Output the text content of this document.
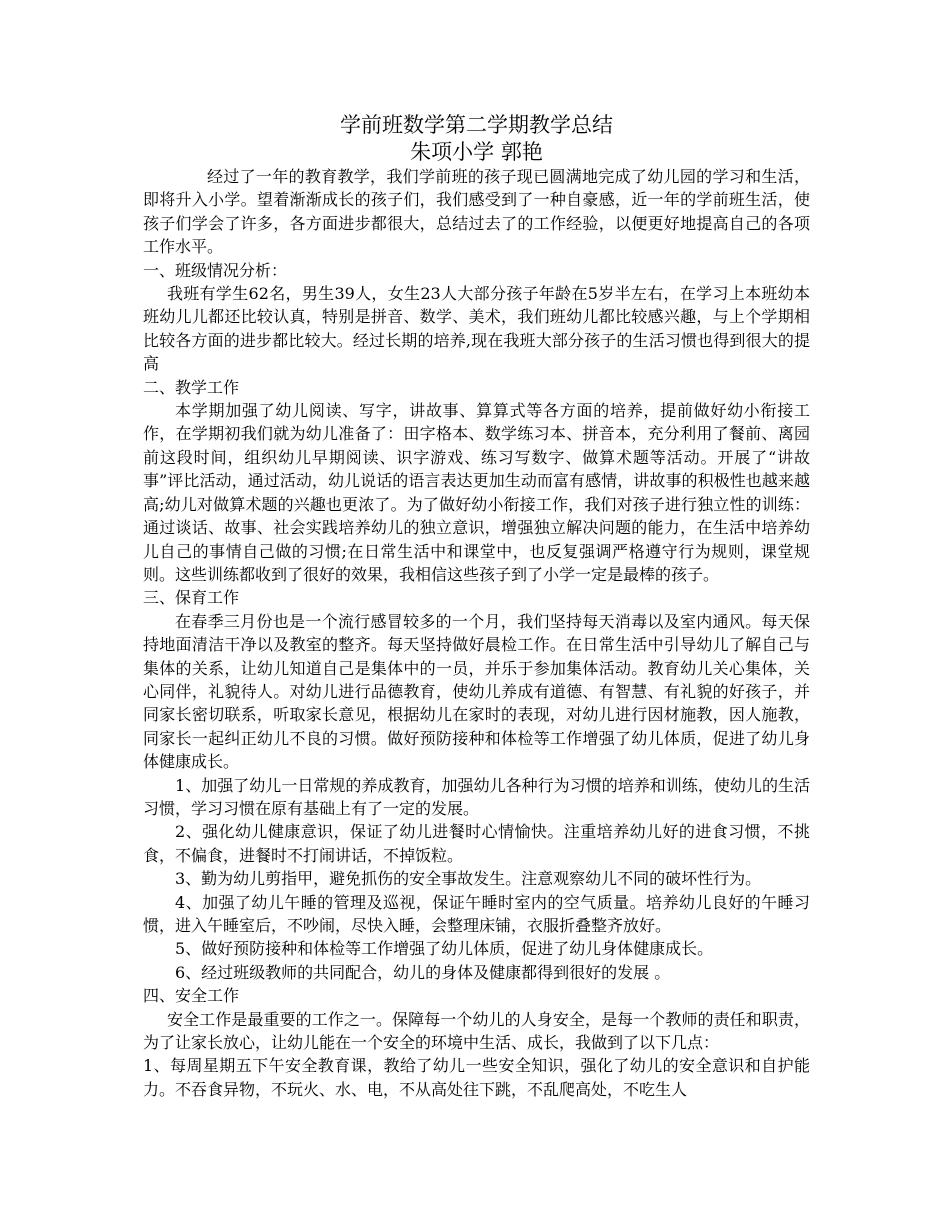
学前班数学第二学期教学总结
朱项小学 郭艳
经过了一年的教育教学，我们学前班的孩子现已圆满地完成了幼儿园的学习和生活，即将升入小学。望着渐渐成长的孩子们，我们感受到了一种自豪感，近一年的学前班生活，使孩子们学会了许多，各方面进步都很大，总结过去了的工作经验，以便更好地提高自己的各项工作水平。
一、班级情况分析：
我班有学生62名，男生39人，女生23人大部分孩子年龄在5岁半左右，在学习上本班幼本班幼儿儿都还比较认真，特别是拼音、数学、美术，我们班幼儿都比较感兴趣，与上个学期相比较各方面的进步都比较大。经过长期的培养,现在我班大部分孩子的生活习惯也得到很大的提高
二、教学工作
本学期加强了幼儿阅读、写字，讲故事、算算式等各方面的培养，提前做好幼小衔接工作，在学期初我们就为幼儿准备了：田字格本、数学练习本、拼音本，充分利用了餐前、离园前这段时间，组织幼儿早期阅读、识字游戏、练习写数字、做算术题等活动。开展了“讲故事”评比活动，通过活动，幼儿说话的语言表达更加生动而富有感情，讲故事的积极性也越来越高;幼儿对做算术题的兴趣也更浓了。为了做好幼小衔接工作，我们对孩子进行独立性的训练：通过谈话、故事、社会实践培养幼儿的独立意识，增强独立解决问题的能力，在生活中培养幼儿自己的事情自己做的习惯;在日常生活中和课堂中，也反复强调严格遵守行为规则，课堂规则。这些训练都收到了很好的效果，我相信这些孩子到了小学一定是最棒的孩子。
三、保育工作
在春季三月份也是一个流行感冒较多的一个月，我们坚持每天消毒以及室内通风。每天保持地面清洁干净以及教室的整齐。每天坚持做好晨检工作。在日常生活中引导幼儿了解自己与集体的关系，让幼儿知道自己是集体中的一员，并乐于参加集体活动。教育幼儿关心集体，关心同伴，礼貌待人。对幼儿进行品德教育，使幼儿养成有道德、有智慧、有礼貌的好孩子，并同家长密切联系，听取家长意见，根据幼儿在家时的表现，对幼儿进行因材施教，因人施教，同家长一起纠正幼儿不良的习惯。做好预防接种和体检等工作增强了幼儿体质，促进了幼儿身体健康成长。
1、加强了幼儿一日常规的养成教育，加强幼儿各种行为习惯的培养和训练，使幼儿的生活习惯，学习习惯在原有基础上有了一定的发展。
2、强化幼儿健康意识，保证了幼儿进餐时心情愉快。注重培养幼儿好的进食习惯，不挑食，不偏食，进餐时不打闹讲话，不掉饭粒。
3、勤为幼儿剪指甲，避免抓伤的安全事故发生。注意观察幼儿不同的破坏性行为。
4、加强了幼儿午睡的管理及巡视，保证午睡时室内的空气质量。培养幼儿良好的午睡习惯，进入午睡室后，不吵闹，尽快入睡，会整理床铺，衣服折叠整齐放好。
5、做好预防接种和体检等工作增强了幼儿体质，促进了幼儿身体健康成长。
6、经过班级教师的共同配合，幼儿的身体及健康都得到很好的发展 。
四、安全工作
安全工作是最重要的工作之一。保障每一个幼儿的人身安全，是每一个教师的责任和职责，为了让家长放心，让幼儿能在一个安全的环境中生活、成长，我做到了以下几点：
1、每周星期五下午安全教育课，教给了幼儿一些安全知识，强化了幼儿的安全意识和自护能力。不吞食异物，不玩火、水、电，不从高处往下跳，不乱爬高处，不吃生人
